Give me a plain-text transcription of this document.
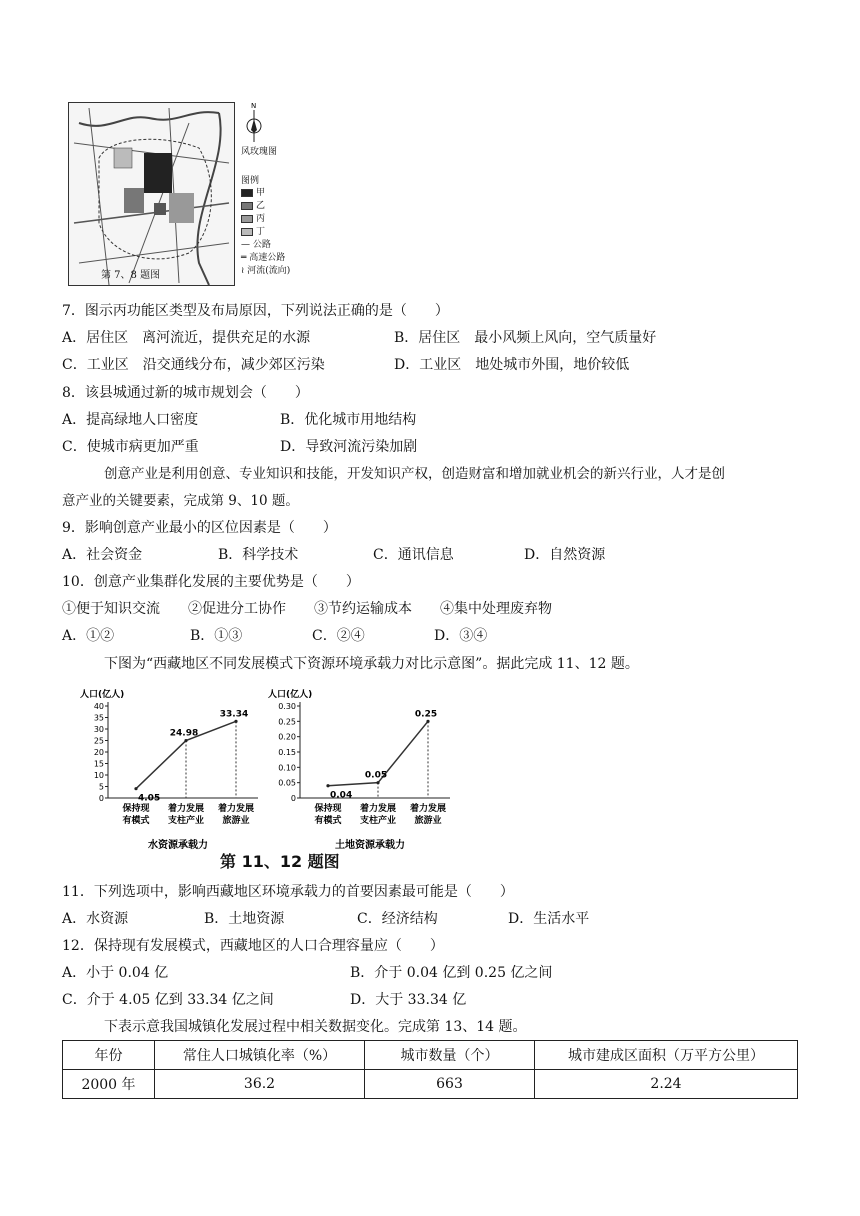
第 7、8 题图
N
风玫瑰图
图例
甲
乙
丙
丁
— 公路
═ 高速公路
≀ 河流(流向)
7．图示丙功能区类型及布局原因，下列说法正确的是（　　）
A．居住区　离河流近，提供充足的水源	B．居住区　最小风频上风向，空气质量好
C．工业区　沿交通线分布，减少郊区污染	D．工业区　地处城市外围，地价较低
8．该县城通过新的城市规划会（　　）
A．提高绿地人口密度	B．优化城市用地结构
C．使城市病更加严重	D．导致河流污染加剧
创意产业是利用创意、专业知识和技能，开发知识产权，创造财富和增加就业机会的新兴行业，人才是创
意产业的关键要素，完成第 9、10 题。
9．影响创意产业最小的区位因素是（　　）
A．社会资金	B．科学技术	C．通讯信息	D．自然资源
10．创意产业集群化发展的主要优势是（　　）
①便于知识交流　　②促进分工协作　　③节约运输成本　　④集中处理废弃物
A．①②	B．①③	C．②④	D．③④
下图为“西藏地区不同发展模式下资源环境承载力对比示意图”。据此完成 11、12 题。
人口(亿人)
0
5
10
15
20
25
30
35
40
4.05
保持现
有模式
24.98
着力发展
支柱产业
33.34
着力发展
旅游业
水资源承载力
人口(亿人)
0
0.05
0.10
0.15
0.20
0.25
0.30
0.04
保持现
有模式
0.05
着力发展
支柱产业
0.25
着力发展
旅游业
土地资源承载力
第 11、12 题图
11．下列选项中，影响西藏地区环境承载力的首要因素最可能是（　　）
A．水资源	B．土地资源	C．经济结构	D．生活水平
12．保持现有发展模式，西藏地区的人口合理容量应（　　）
A．小于 0.04 亿	B．介于 0.04 亿到 0.25 亿之间
C．介于 4.05 亿到 33.34 亿之间	D．大于 33.34 亿
下表示意我国城镇化发展过程中相关数据变化。完成第 13、14 题。
年份	常住人口城镇化率（%）	城市数量（个）	城市建成区面积（万平方公里）
2000 年	36.2	663	2.24
